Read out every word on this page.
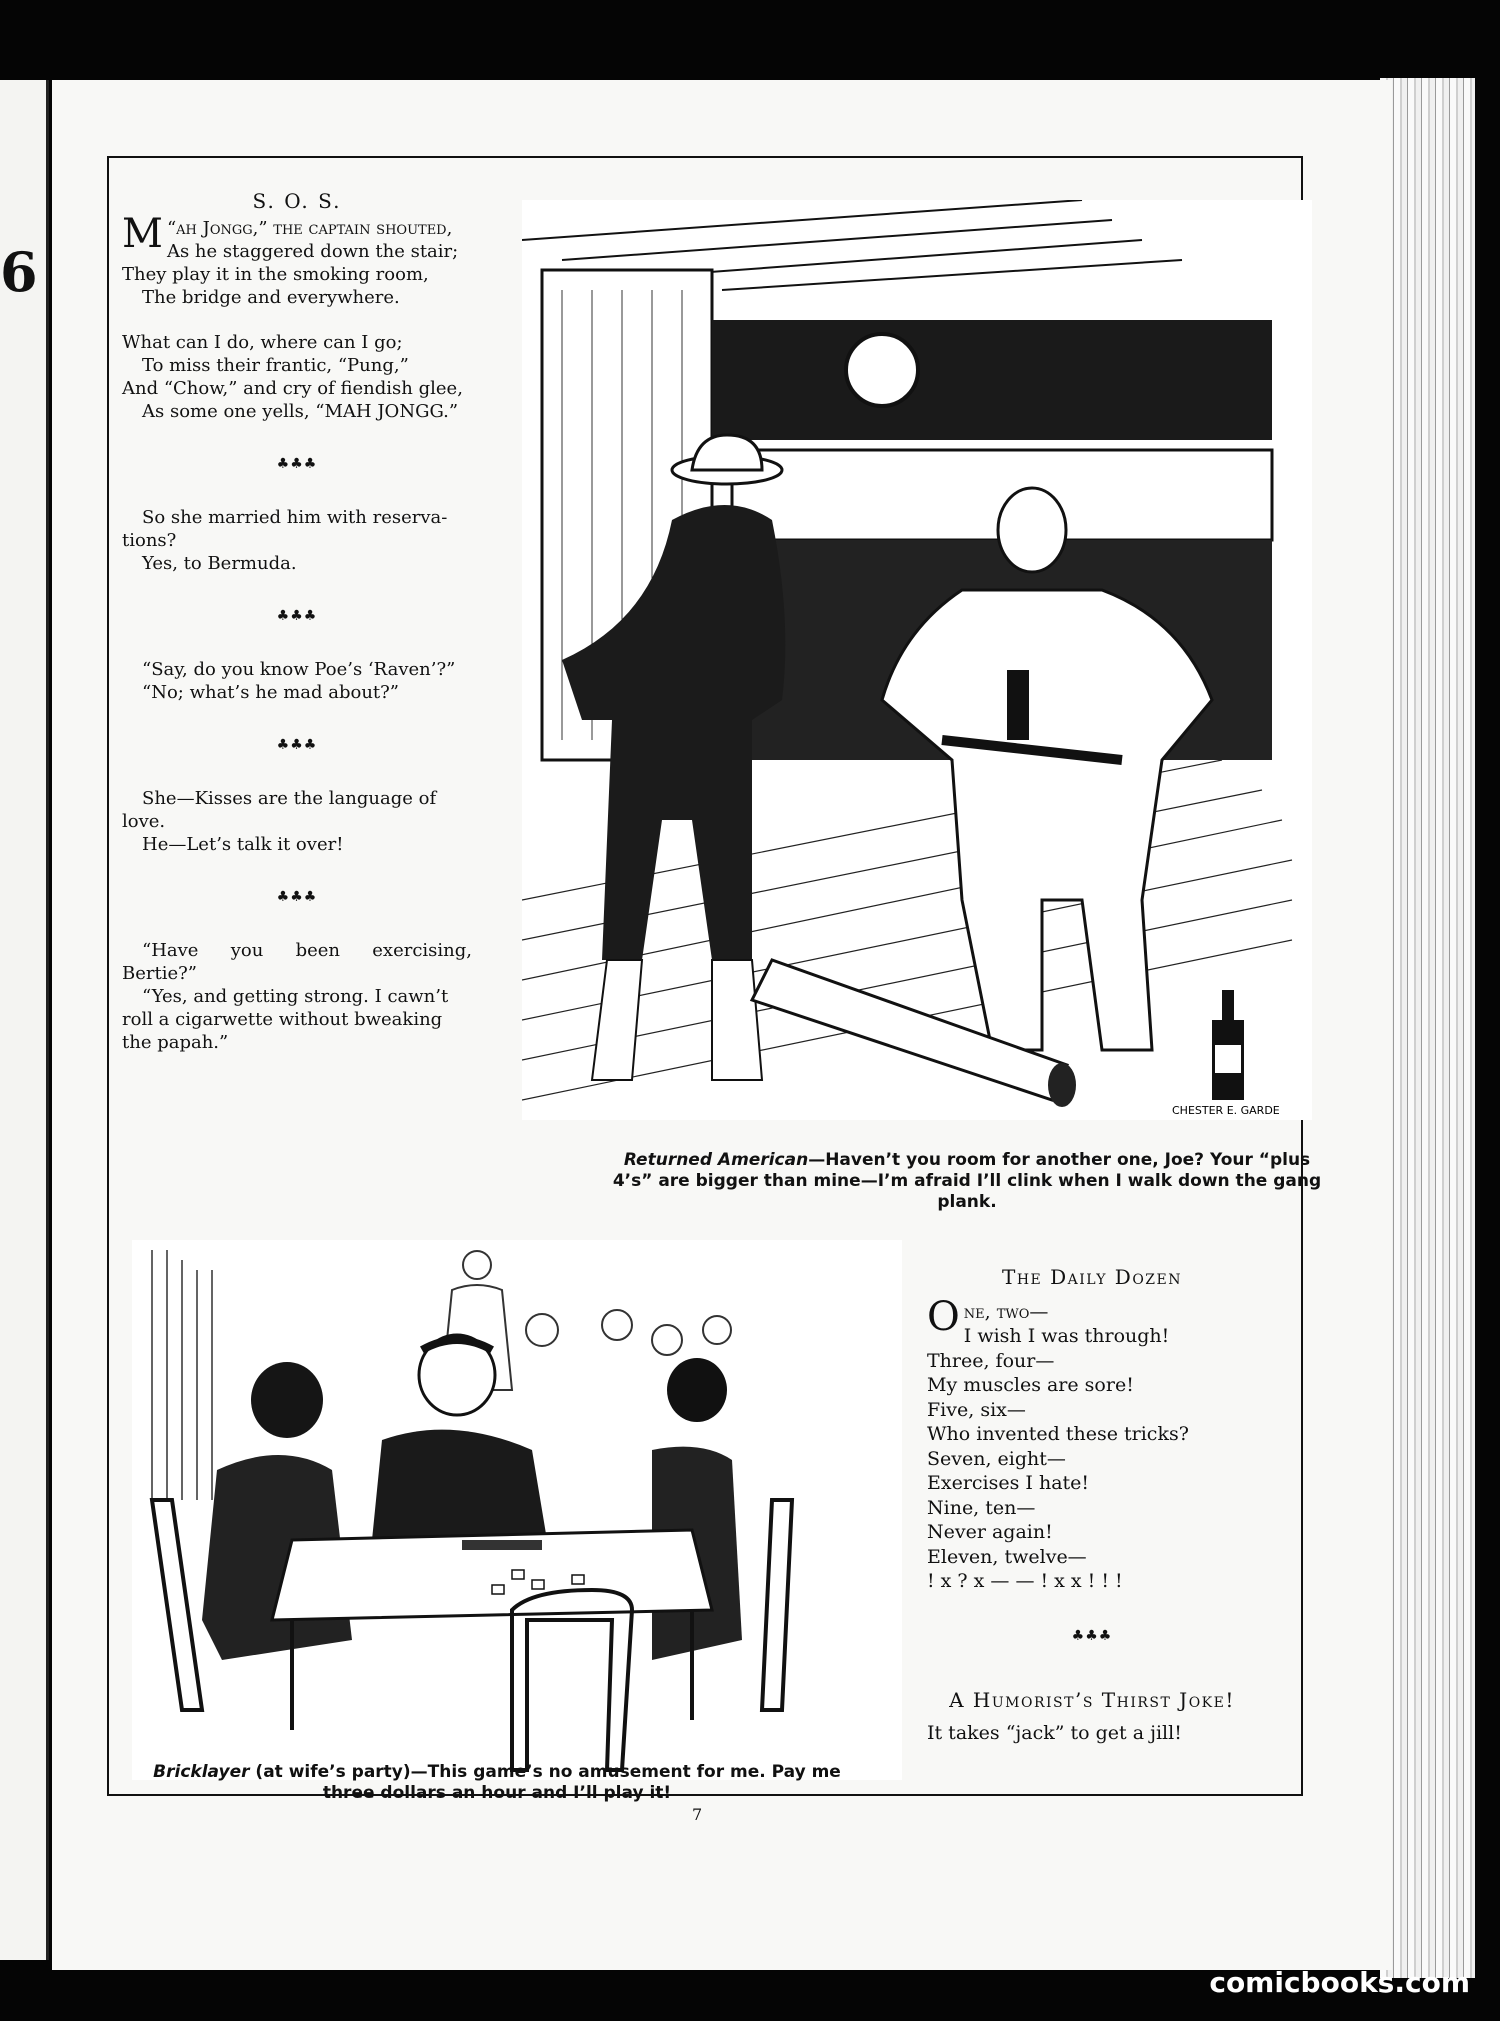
6
S. O. S.

“
M ah Jongg,” the captain shouted,

As he staggered down the stair;

They play it in the smoking room,

The bridge and everywhere.

What can I do, where can I go;

To miss their frantic, “Pung,”

And “Chow,” and cry of fiendish glee,

As some one yells, “MAH JONGG.”

♣♣♣

So she married him with reserva-

tions?

Yes, to Bermuda.

♣♣♣

“Say, do you know Poe’s ‘Raven’?”

“No; what’s he mad about?”

♣♣♣

She—Kisses are the language of

love.

He—Let’s talk it over!

♣♣♣

“Have you been exercising, Bertie?”

“Yes, and getting strong. I cawn’t

roll a cigarwette without bweaking

the papah.”

CHESTER E. GARDE
Returned American—Haven’t you room for another one, Joe? Your “plus 4’s” are bigger than mine—I’m afraid I’ll clink when I walk down the gang plank.
Bricklayer (at wife’s party)—This game’s no amusement for me. Pay me three dollars an hour and I’ll play it!
The Daily Dozen

One, two—

I wish I was through!

Three, four—

My muscles are sore!

Five, six—

Who invented these tricks?

Seven, eight—

Exercises I hate!

Nine, ten—

Never again!

Eleven, twelve—

! x ? x — — ! x x ! ! !

♣♣♣

A Humorist’s Thirst Joke!

It takes “jack” to get a jill!

7
comicbooks.com
